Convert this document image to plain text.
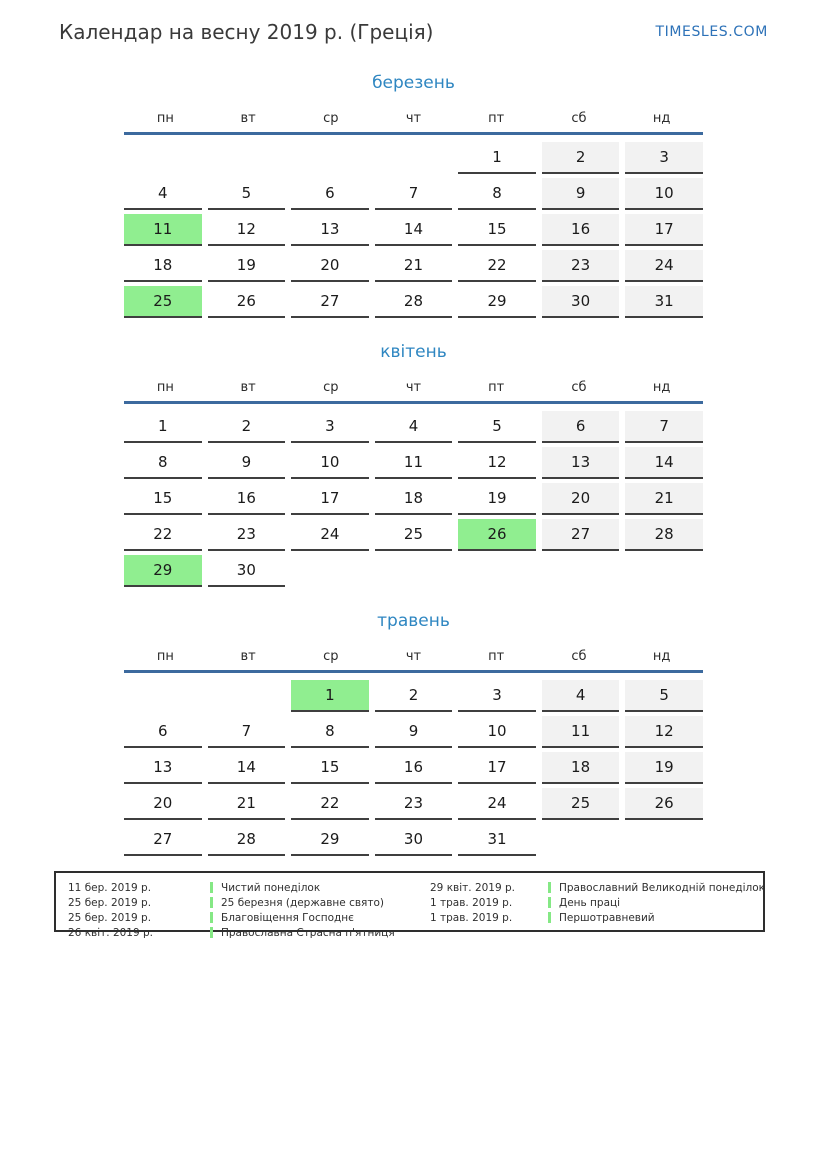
Календар на весну 2019 р. (Греція)	TIMESLES.COM
березень
пн	вт	ср	чт	пт	сб	нд
				1	2	3
4	5	6	7	8	9	10
11	12	13	14	15	16	17
18	19	20	21	22	23	24
25	26	27	28	29	30	31
квітень
пн	вт	ср	чт	пт	сб	нд
1	2	3	4	5	6	7
8	9	10	11	12	13	14
15	16	17	18	19	20	21
22	23	24	25	26	27	28
29	30					
травень
пн	вт	ср	чт	пт	сб	нд
		1	2	3	4	5
6	7	8	9	10	11	12
13	14	15	16	17	18	19
20	21	22	23	24	25	26
27	28	29	30	31		
11 бер. 2019 р.	Чистий понеділок
25 бер. 2019 р.	25 березня (державне свято)
25 бер. 2019 р.	Благовіщення Господнє
26 квіт. 2019 р.	Православна Страсна п'ятниця
29 квіт. 2019 р.	Православний Великодній понеділок
1 трав. 2019 р.	День праці
1 трав. 2019 р.	Першотравневий
